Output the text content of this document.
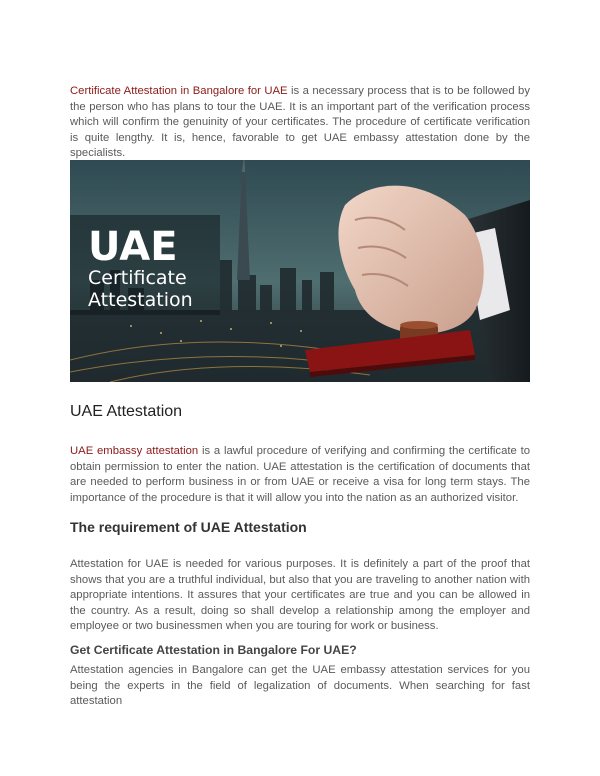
Certificate Attestation in Bangalore for UAE is a necessary process that is to be followed by the person who has plans to tour the UAE. It is an important part of the verification process which will confirm the genuinity of your certificates. The procedure of certificate verification is quite lengthy. It is, hence, favorable to get UAE embassy attestation done by the specialists.

UAE
Certificate
Attestation
UAE Attestation

UAE embassy attestation is a lawful procedure of verifying and confirming the certificate to obtain permission to enter the nation. UAE attestation is the certification of documents that are needed to perform business in or from UAE or receive a visa for long term stays. The importance of the procedure is that it will allow you into the nation as an authorized visitor.

The requirement of UAE Attestation

Attestation for UAE is needed for various purposes. It is definitely a part of the proof that shows that you are a truthful individual, but also that you are traveling to another nation with appropriate intentions. It assures that your certificates are true and you can be allowed in the country. As a result, doing so shall develop a relationship among the employer and employee or two businessmen when you are touring for work or business.

Get Certificate Attestation in Bangalore For UAE?

Attestation agencies in Bangalore can get the UAE embassy attestation services for you being the experts in the field of legalization of documents. When searching for fast attestation
